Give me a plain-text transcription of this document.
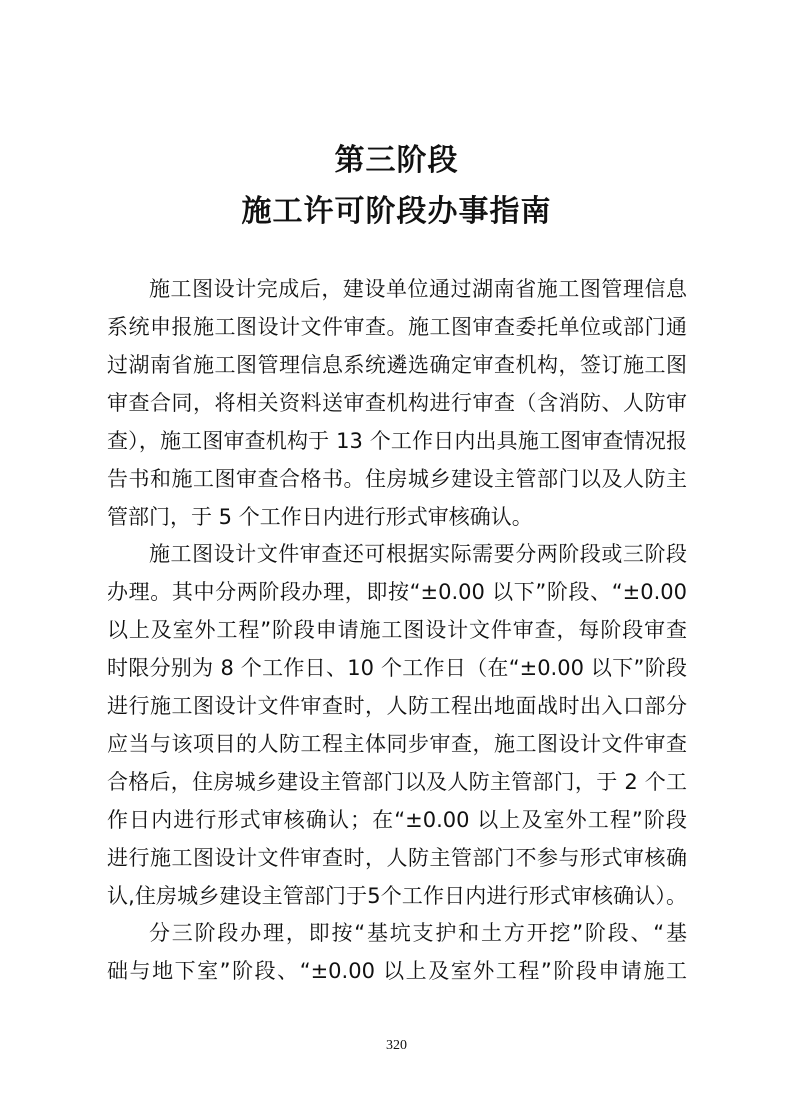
第三阶段
施工许可阶段办事指南
施工图设计完成后，建设单位通过湖南省施工图管理信息
系统申报施工图设计文件审查。施工图审查委托单位或部门通
过湖南省施工图管理信息系统遴选确定审查机构，签订施工图
审查合同，将相关资料送审查机构进行审查（含消防、人防审
查），施工图审查机构于 13 个工作日内出具施工图审查情况报
告书和施工图审查合格书。住房城乡建设主管部门以及人防主
管部门，于 5 个工作日内进行形式审核确认。
施工图设计文件审查还可根据实际需要分两阶段或三阶段
办理。其中分两阶段办理，即按“±0.00 以下”阶段、“±0.00
以上及室外工程”阶段申请施工图设计文件审查，每阶段审查
时限分别为 8 个工作日、10 个工作日（在“±0.00 以下”阶段
进行施工图设计文件审查时，人防工程出地面战时出入口部分
应当与该项目的人防工程主体同步审查，施工图设计文件审查
合格后，住房城乡建设主管部门以及人防主管部门，于 2 个工
作日内进行形式审核确认；在“±0.00 以上及室外工程”阶段
进行施工图设计文件审查时，人防主管部门不参与形式审核确
认,住房城乡建设主管部门于5个工作日内进行形式审核确认）。
分三阶段办理，即按“基坑支护和土方开挖”阶段、“基
础与地下室”阶段、“±0.00 以上及室外工程”阶段申请施工
320
